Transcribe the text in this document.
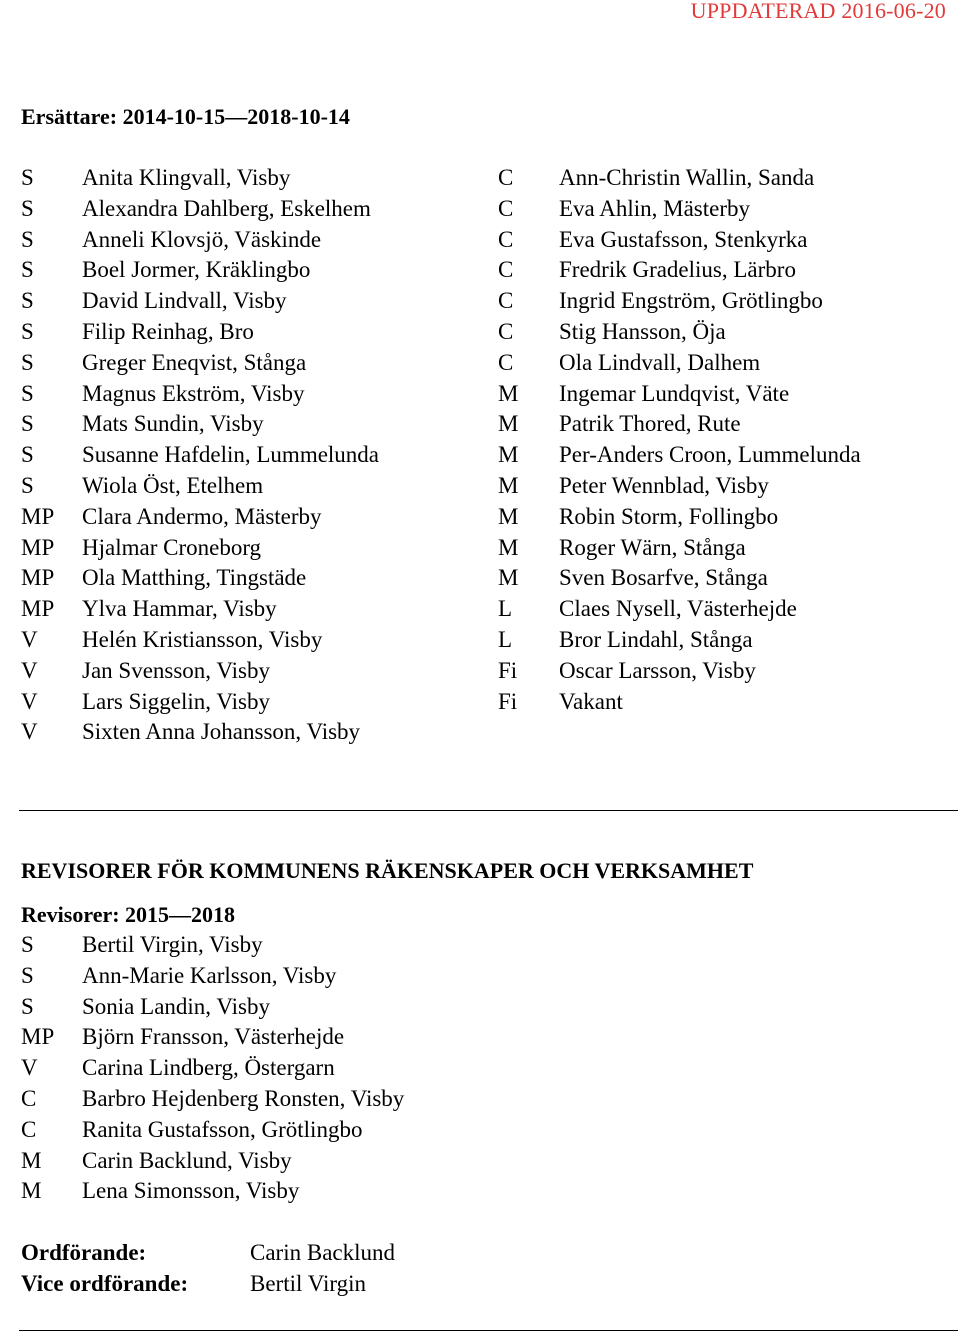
UPPDATERAD 2016-06-20
Ersättare: 2014-10-15—2018-10-14
S	Anita Klingvall, Visby
S	Alexandra Dahlberg, Eskelhem
S	Anneli Klovsjö, Väskinde
S	Boel Jormer, Kräklingbo
S	David Lindvall, Visby
S	Filip Reinhag, Bro
S	Greger Eneqvist, Stånga
S	Magnus Ekström, Visby
S	Mats Sundin, Visby
S	Susanne Hafdelin, Lummelunda
S	Wiola Öst, Etelhem
MP	Clara Andermo, Mästerby
MP	Hjalmar Croneborg
MP	Ola Matthing, Tingstäde
MP	Ylva Hammar, Visby
V	Helén Kristiansson, Visby
V	Jan Svensson, Visby
V	Lars Siggelin, Visby
V	Sixten Anna Johansson, Visby
C	Ann-Christin Wallin, Sanda
C	Eva Ahlin, Mästerby
C	Eva Gustafsson, Stenkyrka
C	Fredrik Gradelius, Lärbro
C	Ingrid Engström, Grötlingbo
C	Stig Hansson, Öja
C	Ola Lindvall, Dalhem
M	Ingemar Lundqvist, Väte
M	Patrik Thored, Rute
M	Per-Anders Croon, Lummelunda
M	Peter Wennblad, Visby
M	Robin Storm, Follingbo
M	Roger Wärn, Stånga
M	Sven Bosarfve, Stånga
L	Claes Nysell, Västerhejde
L	Bror Lindahl, Stånga
Fi	Oscar Larsson, Visby
Fi	Vakant
REVISORER FÖR KOMMUNENS RÄKENSKAPER OCH VERKSAMHET
Revisorer: 2015—2018
S	Bertil Virgin, Visby
S	Ann-Marie Karlsson, Visby
S	Sonia Landin, Visby
MP	Björn Fransson, Västerhejde
V	Carina Lindberg, Östergarn
C	Barbro Hejdenberg Ronsten, Visby
C	Ranita Gustafsson, Grötlingbo
M	Carin Backlund, Visby
M	Lena Simonsson, Visby
Ordförande:	Carin Backlund
Vice ordförande:	Bertil Virgin
